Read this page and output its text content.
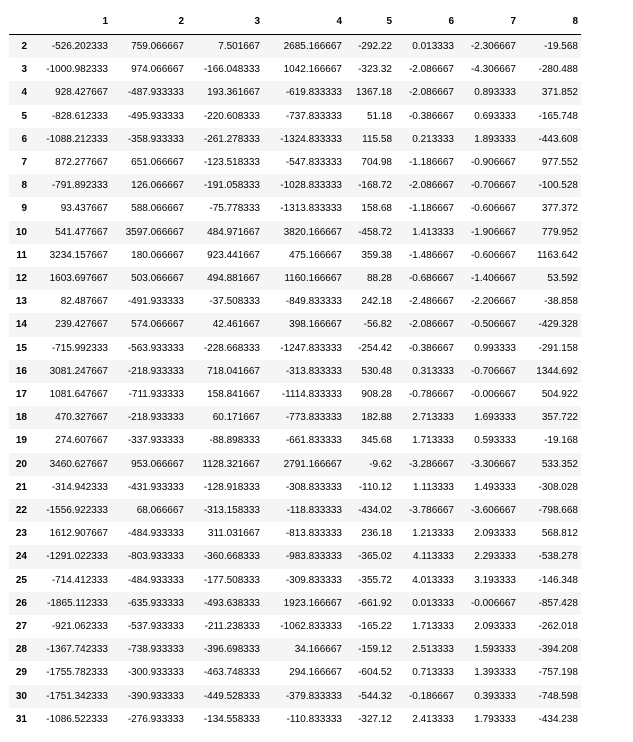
	1	2	3	4	5	6	7	8
2	-526.202333	759.066667	7.501667	2685.166667	-292.22	0.013333	-2.306667	-19.568
3	-1000.982333	974.066667	-166.048333	1042.166667	-323.32	-2.086667	-4.306667	-280.488
4	928.427667	-487.933333	193.361667	-619.833333	1367.18	-2.086667	0.893333	371.852
5	-828.612333	-495.933333	-220.608333	-737.833333	51.18	-0.386667	0.693333	-165.748
6	-1088.212333	-358.933333	-261.278333	-1324.833333	115.58	0.213333	1.893333	-443.608
7	872.277667	651.066667	-123.518333	-547.833333	704.98	-1.186667	-0.906667	977.552
8	-791.892333	126.066667	-191.058333	-1028.833333	-168.72	-2.086667	-0.706667	-100.528
9	93.437667	588.066667	-75.778333	-1313.833333	158.68	-1.186667	-0.606667	377.372
10	541.477667	3597.066667	484.971667	3820.166667	-458.72	1.413333	-1.906667	779.952
11	3234.157667	180.066667	923.441667	475.166667	359.38	-1.486667	-0.606667	1163.642
12	1603.697667	503.066667	494.881667	1160.166667	88.28	-0.686667	-1.406667	53.592
13	82.487667	-491.933333	-37.508333	-849.833333	242.18	-2.486667	-2.206667	-38.858
14	239.427667	574.066667	42.461667	398.166667	-56.82	-2.086667	-0.506667	-429.328
15	-715.992333	-563.933333	-228.668333	-1247.833333	-254.42	-0.386667	0.993333	-291.158
16	3081.247667	-218.933333	718.041667	-313.833333	530.48	0.313333	-0.706667	1344.692
17	1081.647667	-711.933333	158.841667	-1114.833333	908.28	-0.786667	-0.006667	504.922
18	470.327667	-218.933333	60.171667	-773.833333	182.88	2.713333	1.693333	357.722
19	274.607667	-337.933333	-88.898333	-661.833333	345.68	1.713333	0.593333	-19.168
20	3460.627667	953.066667	1128.321667	2791.166667	-9.62	-3.286667	-3.306667	533.352
21	-314.942333	-431.933333	-128.918333	-308.833333	-110.12	1.113333	1.493333	-308.028
22	-1556.922333	68.066667	-313.158333	-118.833333	-434.02	-3.786667	-3.606667	-798.668
23	1612.907667	-484.933333	311.031667	-813.833333	236.18	1.213333	2.093333	568.812
24	-1291.022333	-803.933333	-360.668333	-983.833333	-365.02	4.113333	2.293333	-538.278
25	-714.412333	-484.933333	-177.508333	-309.833333	-355.72	4.013333	3.193333	-146.348
26	-1865.112333	-635.933333	-493.638333	1923.166667	-661.92	0.013333	-0.006667	-857.428
27	-921.062333	-537.933333	-211.238333	-1062.833333	-165.22	1.713333	2.093333	-262.018
28	-1367.742333	-738.933333	-396.698333	34.166667	-159.12	2.513333	1.593333	-394.208
29	-1755.782333	-300.933333	-463.748333	294.166667	-604.52	0.713333	1.393333	-757.198
30	-1751.342333	-390.933333	-449.528333	-379.833333	-544.32	-0.186667	0.393333	-748.598
31	-1086.522333	-276.933333	-134.558333	-110.833333	-327.12	2.413333	1.793333	-434.238
